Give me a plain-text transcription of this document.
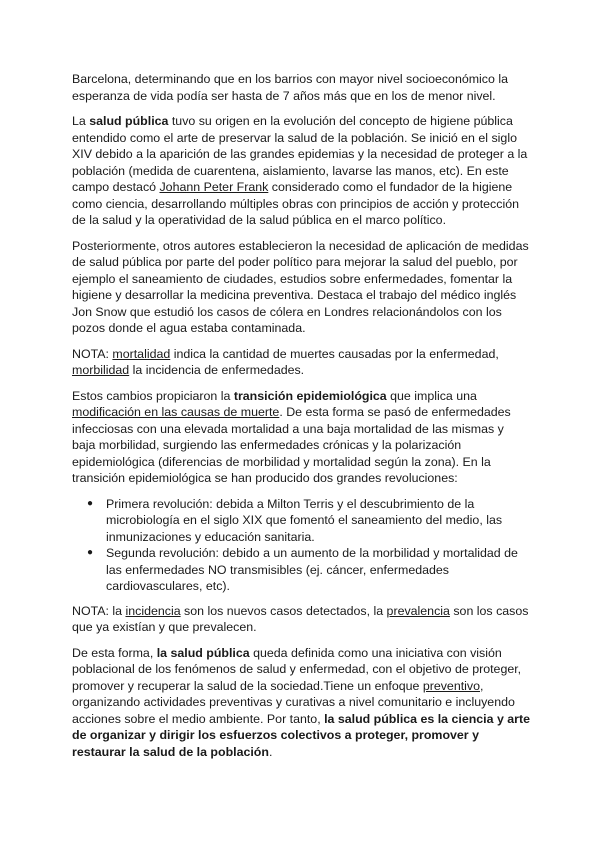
Barcelona, determinando que en los barrios con mayor nivel socioeconómico la esperanza de vida podía ser hasta de 7 años más que en los de menor nivel.

La salud pública tuvo su origen en la evolución del concepto de higiene pública entendido como el arte de preservar la salud de la población. Se inició en el siglo XIV debido a la aparición de las grandes epidemias y la necesidad de proteger a la población (medida de cuarentena, aislamiento, lavarse las manos, etc). En este campo destacó Johann Peter Frank considerado como el fundador de la higiene como ciencia, desarrollando múltiples obras con principios de acción y protección de la salud y la operatividad de la salud pública en el marco político.

Posteriormente, otros autores establecieron la necesidad de aplicación de medidas de salud pública por parte del poder político para mejorar la salud del pueblo, por ejemplo el saneamiento de ciudades, estudios sobre enfermedades, fomentar la higiene y desarrollar la medicina preventiva. Destaca el trabajo del médico inglés Jon Snow que estudió los casos de cólera en Londres relacionándolos con los pozos donde el agua estaba contaminada.

NOTA: mortalidad indica la cantidad de muertes causadas por la enfermedad, morbilidad la incidencia de enfermedades.

Estos cambios propiciaron la transición epidemiológica que implica una modificación en las causas de muerte. De esta forma se pasó de enfermedades infecciosas con una elevada mortalidad a una baja mortalidad de las mismas y baja morbilidad, surgiendo las enfermedades crónicas y la polarización epidemiológica (diferencias de morbilidad y mortalidad según la zona). En la transición epidemiológica se han producido dos grandes revoluciones:

● Primera revolución: debida a Milton Terris y el descubrimiento de la microbiología en el siglo XIX que fomentó el saneamiento del medio, las inmunizaciones y educación sanitaria.
● Segunda revolución: debido a un aumento de la morbilidad y mortalidad de las enfermedades NO transmisibles (ej. cáncer, enfermedades cardiovasculares, etc).

NOTA: la incidencia son los nuevos casos detectados, la prevalencia son los casos que ya existían y que prevalecen.

De esta forma, la salud pública queda definida como una iniciativa con visión poblacional de los fenómenos de salud y enfermedad, con el objetivo de proteger, promover y recuperar la salud de la sociedad.Tiene un enfoque preventivo, organizando actividades preventivas y curativas a nivel comunitario e incluyendo acciones sobre el medio ambiente. Por tanto, la salud pública es la ciencia y arte de organizar y dirigir los esfuerzos colectivos a proteger, promover y restaurar la salud de la población.
